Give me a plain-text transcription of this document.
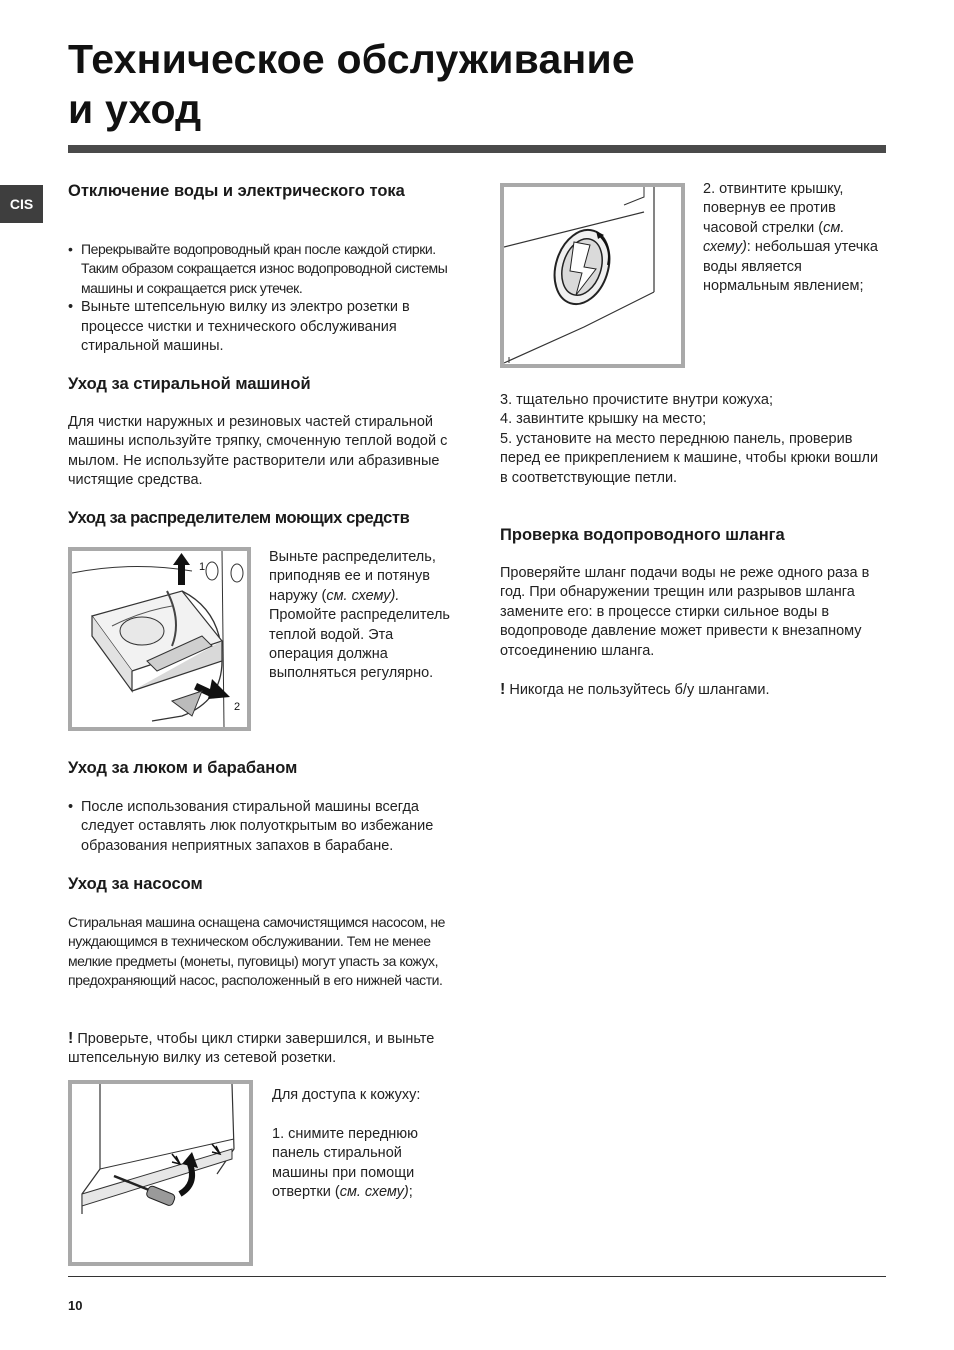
Техническое обслуживание
и уход
CIS
Отключение воды и электрического тока
• Перекрывайте водопроводный кран после каждой стирки. Таким образом сокращается износ водопроводной системы машины и сокращается риск утечек.
• Выньте штепсельную вилку из электро розетки в процессе чистки и технического обслуживания стиральной машины.
Уход за стиральной машиной

Для чистки наружных и резиновых частей стиральной машины используйте тряпку, смоченную теплой водой с мылом. Не используйте растворители или абразивные чистящие средства.

Уход за распределителем моющих средств
1
2

Выньте распределитель, приподняв ее и потянув наружу (см. схему). Промойте распределитель теплой водой. Эта операция должна выполняться регулярно.

Уход за люком и барабаном
• После использования стиральной машины всегда следует оставлять люк полуоткрытым во избежание образования неприятных запахов в барабане.
Уход за насосом

Стиральная машина оснащена самочистящимся насосом, не нуждающимся в техническом обслуживании. Тем не менее мелкие предметы (монеты, пуговицы) могут упасть за кожух, предохраняющий насос, расположенный в его нижней части.

! Проверьте, чтобы цикл стирки завершился, и выньте штепсельную вилку из сетевой розетки.

Для доступа к кожуху:

1. снимите переднюю панель стиральной машины при помощи отвертки (см. схему);

2. отвинтите крышку, повернув ее против часовой стрелки (см. схему): небольшая утечка воды является нормальным явлением;

3. тщательно прочистите внутри кожуха;

4. завинтите крышку на место;

5. установите на место переднюю панель, проверив перед ее прикреплением к машине, чтобы крюки вошли в соответствующие петли.

Проверка водопроводного шланга

Проверяйте шланг подачи воды не реже одного раза в год. При обнаружении трещин или разрывов шланга замените его: в процессе стирки сильное воды в водопроводе давление может привести к внезапному отсоединению шланга.

! Никогда не пользуйтесь б/у шлангами.

10
